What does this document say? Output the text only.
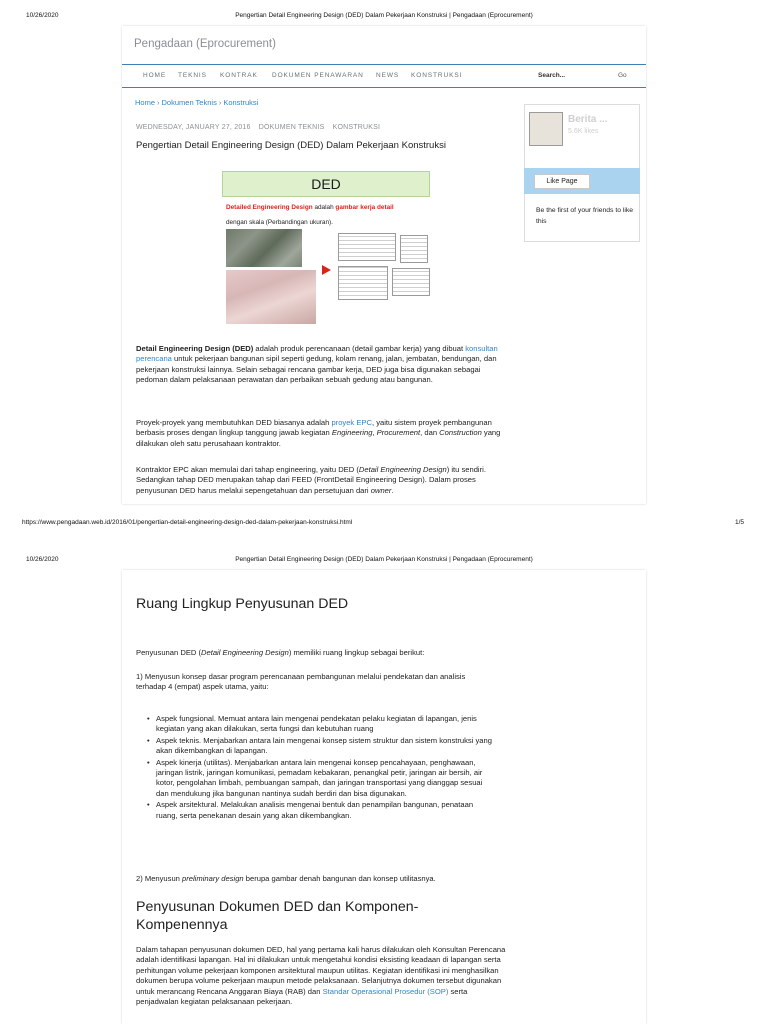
10/26/2020	Pengertian Detail Engineering Design (DED) Dalam Pekerjaan Konstruksi | Pengadaan (Eprocurement)
Pengadaan (Eprocurement)
HOME TEKNIS KONTRAK DOKUMEN PENAWARAN NEWS KONSTRUKSI	Search...	Go
Home › Dokumen Teknis › Konstruksi
WEDNESDAY, JANUARY 27, 2016 DOKUMEN TEKNIS KONSTRUKSI
Pengertian Detail Engineering Design (DED) Dalam Pekerjaan Konstruksi
DED
Detailed Engineering Design adalah gambar kerja detail
dengan skala (Perbandingan ukuran).
Berita ...
5.6K likes
Like Page
Be the first of your friends to like this

Detail Engineering Design (DED) adalah produk perencanaan (detail gambar kerja) yang dibuat konsultan perencana untuk pekerjaan bangunan sipil seperti gedung, kolam renang, jalan, jembatan, bendungan, dan pekerjaan konstruksi lainnya. Selain sebagai rencana gambar kerja, DED juga bisa digunakan sebagai pedoman dalam pelaksanaan perawatan dan perbaikan sebuah gedung atau bangunan.

Proyek-proyek yang membutuhkan DED biasanya adalah proyek EPC, yaitu sistem proyek pembangunan berbasis proses dengan lingkup tanggung jawab kegiatan Engineering, Procurement, dan Construction yang dilakukan oleh satu perusahaan kontraktor.

Kontraktor EPC akan memulai dari tahap engineering, yaitu DED (Detail Engineering Design) itu sendiri. Sedangkan tahap DED merupakan tahap dari FEED (FrontDetail Engineering Design). Dalam proses penyusunan DED harus melalui sepengetahuan dan persetujuan dari owner.

https://www.pengadaan.web.id/2016/01/pengertian-detail-engineering-design-ded-dalam-pekerjaan-konstruksi.html	1/5
10/26/2020	Pengertian Detail Engineering Design (DED) Dalam Pekerjaan Konstruksi | Pengadaan (Eprocurement)
Ruang Lingkup Penyusunan DED

Penyusunan DED (Detail Engineering Design) memiliki ruang lingkup sebagai berikut:

1) Menyusun konsep dasar program perencanaan pembangunan melalui pendekatan dan analisis terhadap 4 (empat) aspek utama, yaitu:

• Aspek fungsional. Memuat antara lain mengenai pendekatan pelaku kegiatan di lapangan, jenis kegiatan yang akan dilakukan, serta fungsi dan kebutuhan ruang
• Aspek teknis. Menjabarkan antara lain mengenai konsep sistem struktur dan sistem konstruksi yang akan dikembangkan di lapangan.
• Aspek kinerja (utilitas). Menjabarkan antara lain mengenai konsep pencahayaan, penghawaan, jaringan listrik, jaringan komunikasi, pemadam kebakaran, penangkal petir, jaringan air bersih, air kotor, pengolahan limbah, pembuangan sampah, dan jaringan transportasi yang dianggap sesuai dan mendukung jika bangunan nantinya sudah berdiri dan bisa digunakan.
• Aspek arsitektural. Melakukan analisis mengenai bentuk dan penampilan bangunan, penataan ruang, serta penekanan desain yang akan dikembangkan.

2) Menyusun preliminary design berupa gambar denah bangunan dan konsep utilitasnya.

Penyusunan Dokumen DED dan Komponen-
Kompenennya

Dalam tahapan penyusunan dokumen DED, hal yang pertama kali harus dilakukan oleh Konsultan Perencana adalah identifikasi lapangan. Hal ini dilakukan untuk mengetahui kondisi eksisting keadaan di lapangan serta perhitungan volume pekerjaan komponen arsitektural maupun utilitas. Kegiatan identifikasi ini menghasilkan dokumen berupa volume pekerjaan maupun metode pelaksanaan. Selanjutnya dokumen tersebut digunakan untuk merancang Rencana Anggaran Biaya (RAB) dan Standar Operasional Prosedur (SOP) serta penjadwalan kegiatan pelaksanaan pekerjaan.
